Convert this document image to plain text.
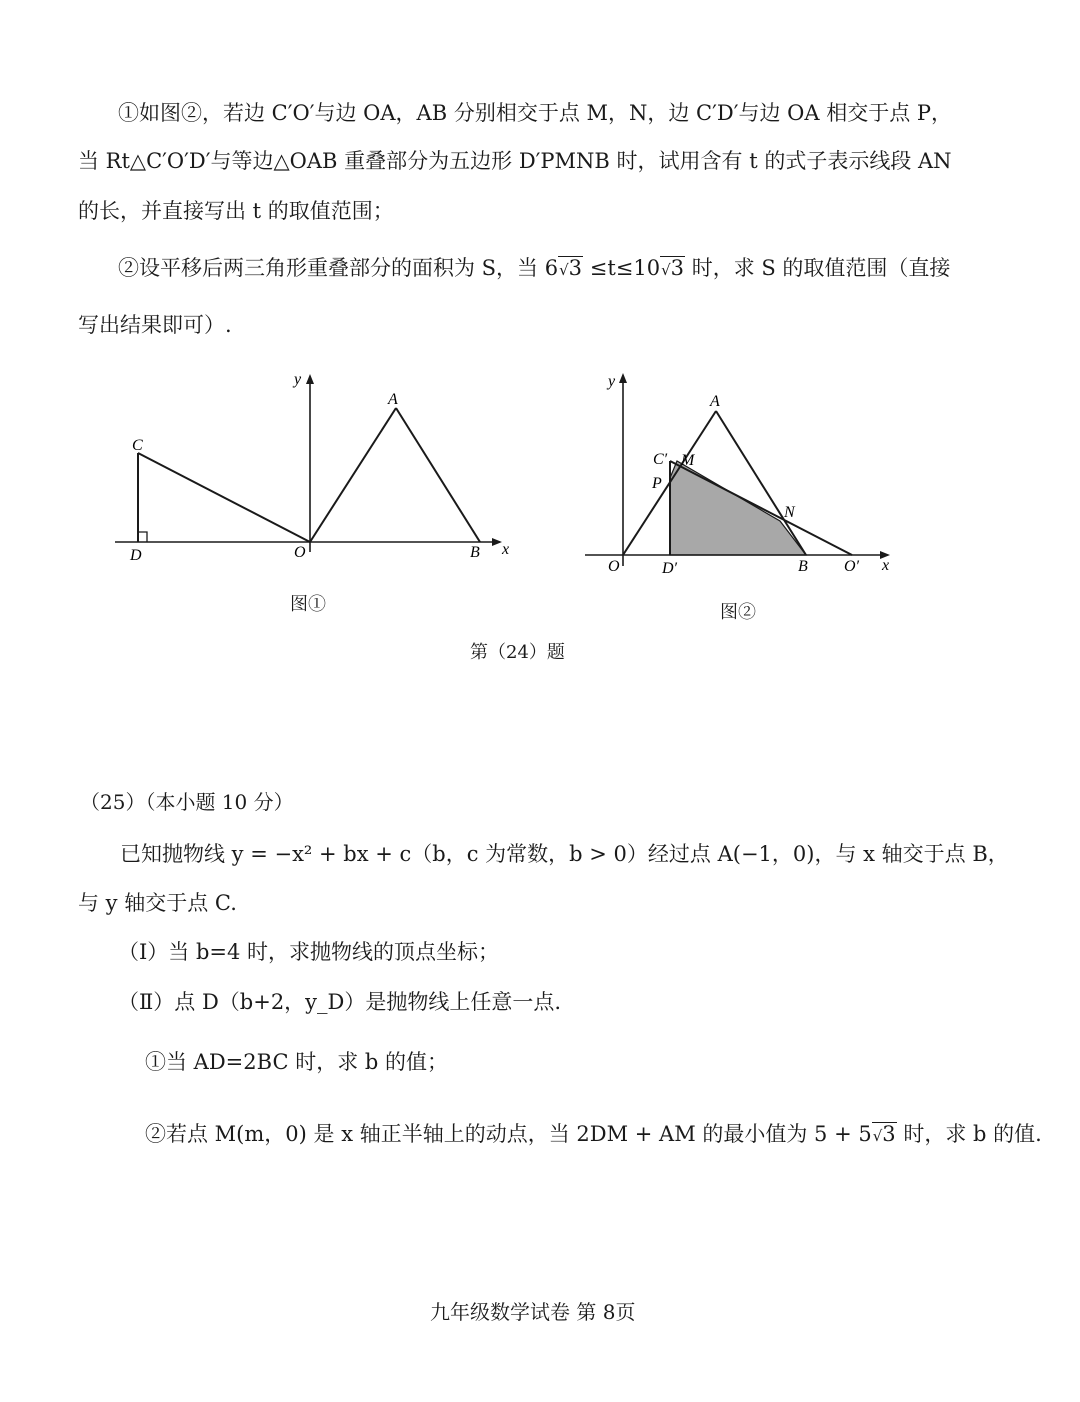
①如图②，若边 C′O′与边 OA，AB 分别相交于点 M，N，边 C′D′与边 OA 相交于点 P，
当 Rt△C′O′D′与等边△OAB 重叠部分为五边形 D′PMNB 时，试用含有 t 的式子表示线段 AN
的长，并直接写出 t 的取值范围；
②设平移后两三角形重叠部分的面积为 S，当 6√3 ≤t≤10√3 时，求 S 的取值范围（直接
写出结果即可）.
y
x
A
B
C
D	O
图①
y
x
A
B
C′ M
P
N
O	D′	O′
图②
第（24）题
（25）（本小题 10 分）
已知抛物线 y = −x² + bx + c（b，c 为常数，b > 0）经过点 A(−1，0)，与 x 轴交于点 B，
与 y 轴交于点 C.
（Ⅰ）当 b=4 时，求抛物线的顶点坐标；
（Ⅱ）点 D（b+2，y_D）是抛物线上任意一点.
①当 AD=2BC 时，求 b 的值；
②若点 M(m，0) 是 x 轴正半轴上的动点，当 2DM + AM 的最小值为 5 + 5√3 时，求 b 的值.
九年级数学试卷 第 8页
